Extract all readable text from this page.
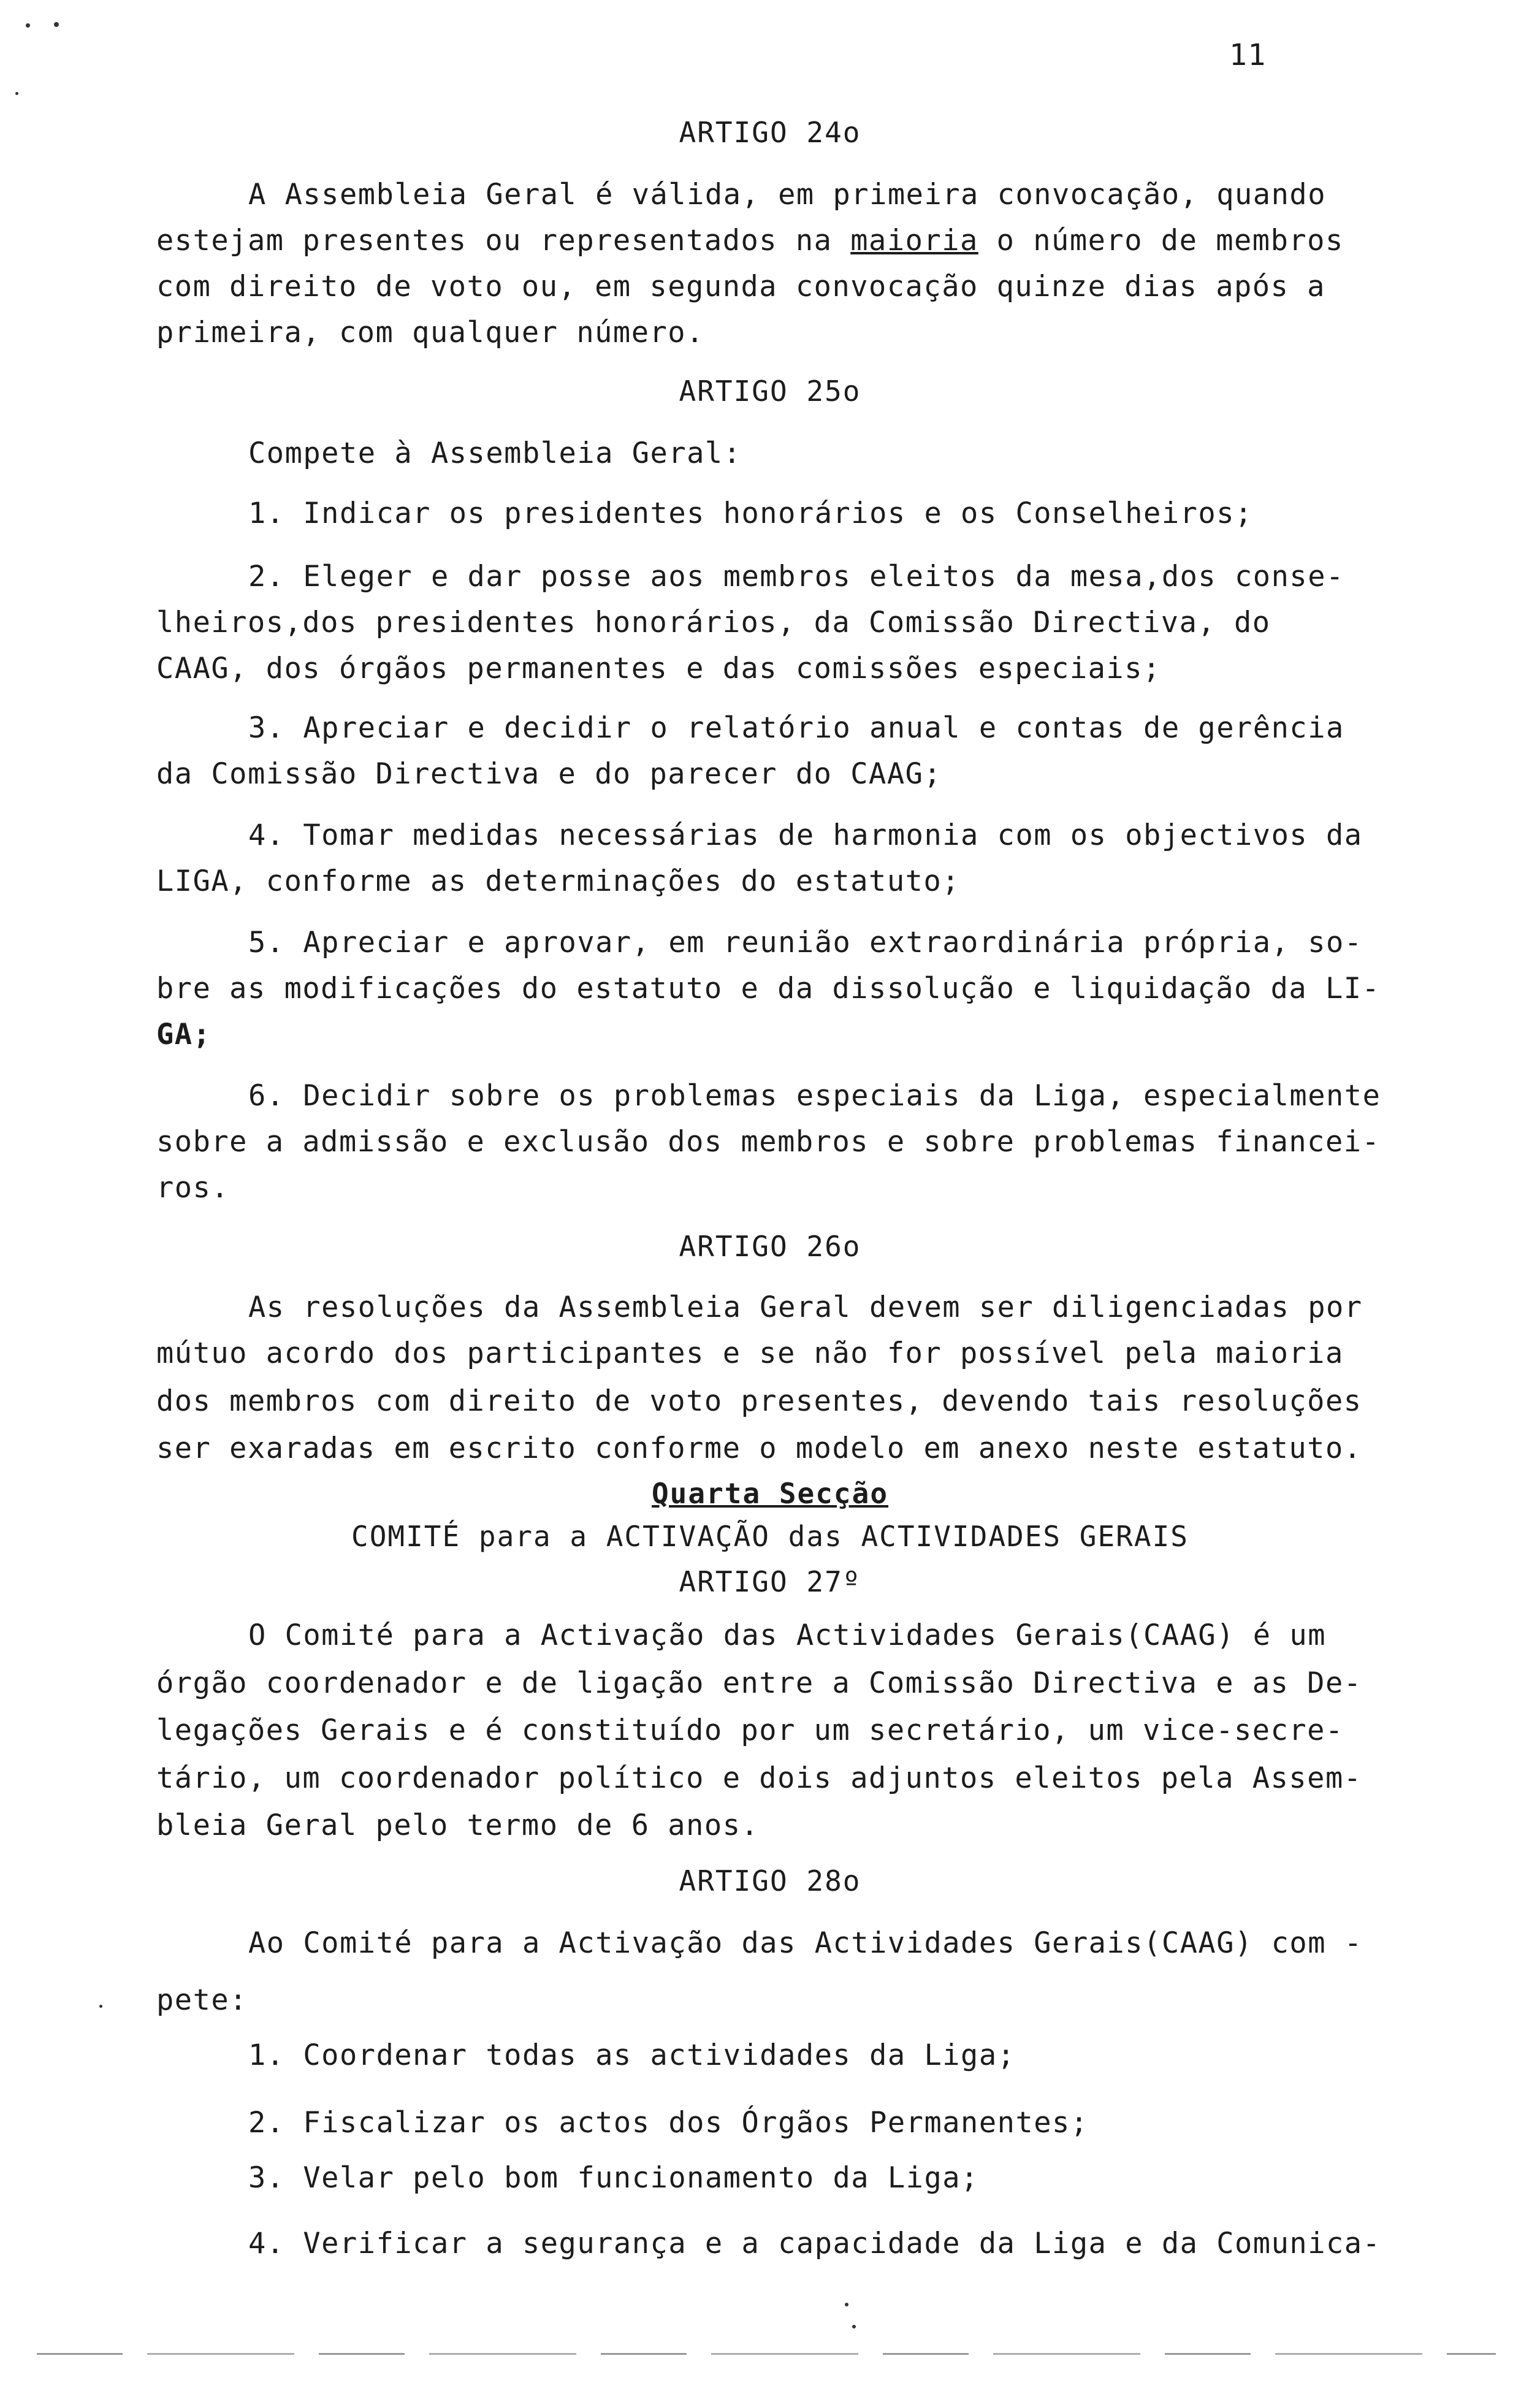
11
ARTIGO 24o
A Assembleia Geral é válida, em primeira convocação, quando
estejam presentes ou representados na maioria o número de membros
com direito de voto ou, em segunda convocação quinze dias após a
primeira, com qualquer número.
ARTIGO 25o
Compete à Assembleia Geral:
1. Indicar os presidentes honorários e os Conselheiros;
2. Eleger e dar posse aos membros eleitos da mesa,dos conse-
lheiros,dos presidentes honorários, da Comissão Directiva, do
CAAG, dos órgãos permanentes e das comissões especiais;
3. Apreciar e decidir o relatório anual e contas de gerência
da Comissão Directiva e do parecer do CAAG;
4. Tomar medidas necessárias de harmonia com os objectivos da
LIGA, conforme as determinações do estatuto;
5. Apreciar e aprovar, em reunião extraordinária própria, so-
bre as modificações do estatuto e da dissolução e liquidação da LI-
GA;
6. Decidir sobre os problemas especiais da Liga, especialmente
sobre a admissão e exclusão dos membros e sobre problemas financei-
ros.
ARTIGO 26o
As resoluções da Assembleia Geral devem ser diligenciadas por
mútuo acordo dos participantes e se não for possível pela maioria
dos membros com direito de voto presentes, devendo tais resoluções
ser exaradas em escrito conforme o modelo em anexo neste estatuto.
Quarta Secção
COMITÉ para a ACTIVAÇÃO das ACTIVIDADES GERAIS
ARTIGO 27º
O Comité para a Activação das Actividades Gerais(CAAG) é um
órgão coordenador e de ligação entre a Comissão Directiva e as De-
legações Gerais e é constituído por um secretário, um vice-secre-
tário, um coordenador político e dois adjuntos eleitos pela Assem-
bleia Geral pelo termo de 6 anos.
ARTIGO 28o
Ao Comité para a Activação das Actividades Gerais(CAAG) com -
pete:
1. Coordenar todas as actividades da Liga;
2. Fiscalizar os actos dos Órgãos Permanentes;
3. Velar pelo bom funcionamento da Liga;
4. Verificar a segurança e a capacidade da Liga e da Comunica-
